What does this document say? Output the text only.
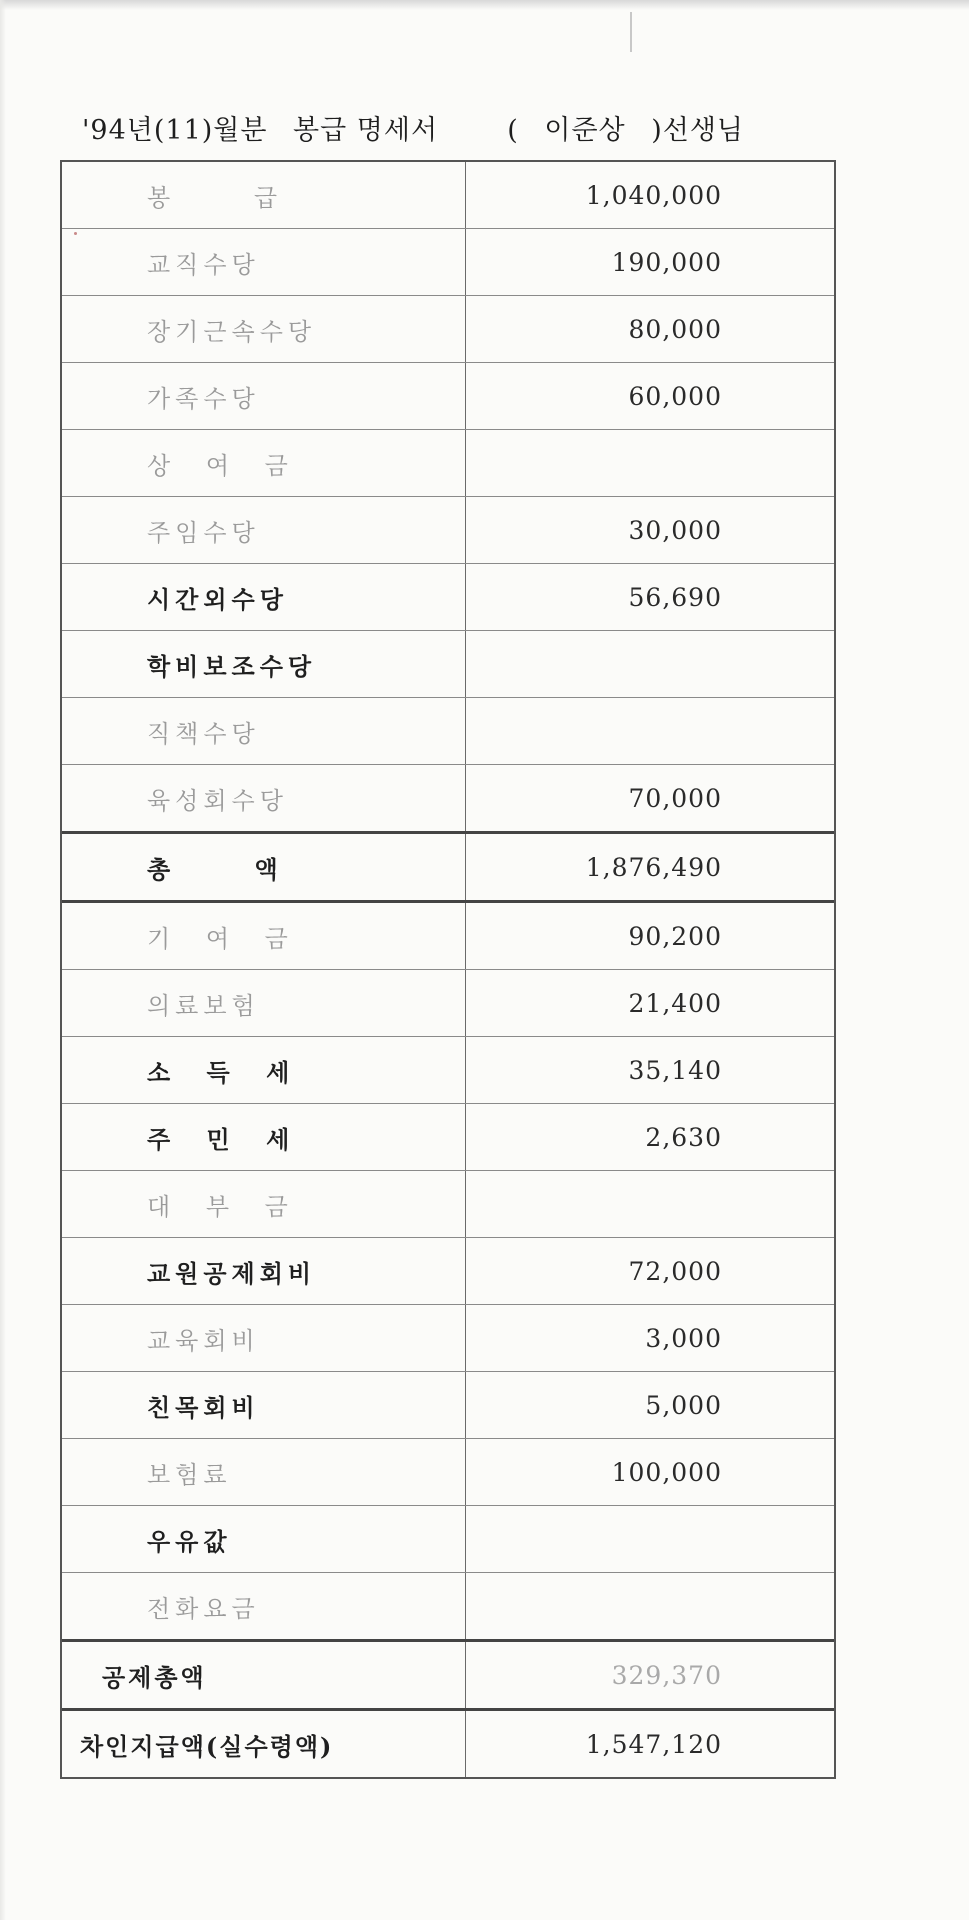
'94년(11)월분 봉급 명세서	( 이준상 )선생님
봉 급	1,040,000
교직수당	190,000
장기근속수당	80,000
가족수당	60,000
상 여 금
주임수당	30,000
시간외수당	56,690
학비보조수당
직책수당
육성회수당	70,000
총 액	1,876,490
기 여 금	90,200
의료보험	21,400
소 득 세	35,140
주 민 세	2,630
대 부 금
교원공제회비	72,000
교육회비	3,000
친목회비	5,000
보험료	100,000
우유값
전화요금
공제총액	329,370
차인지급액(실수령액)	1,547,120
